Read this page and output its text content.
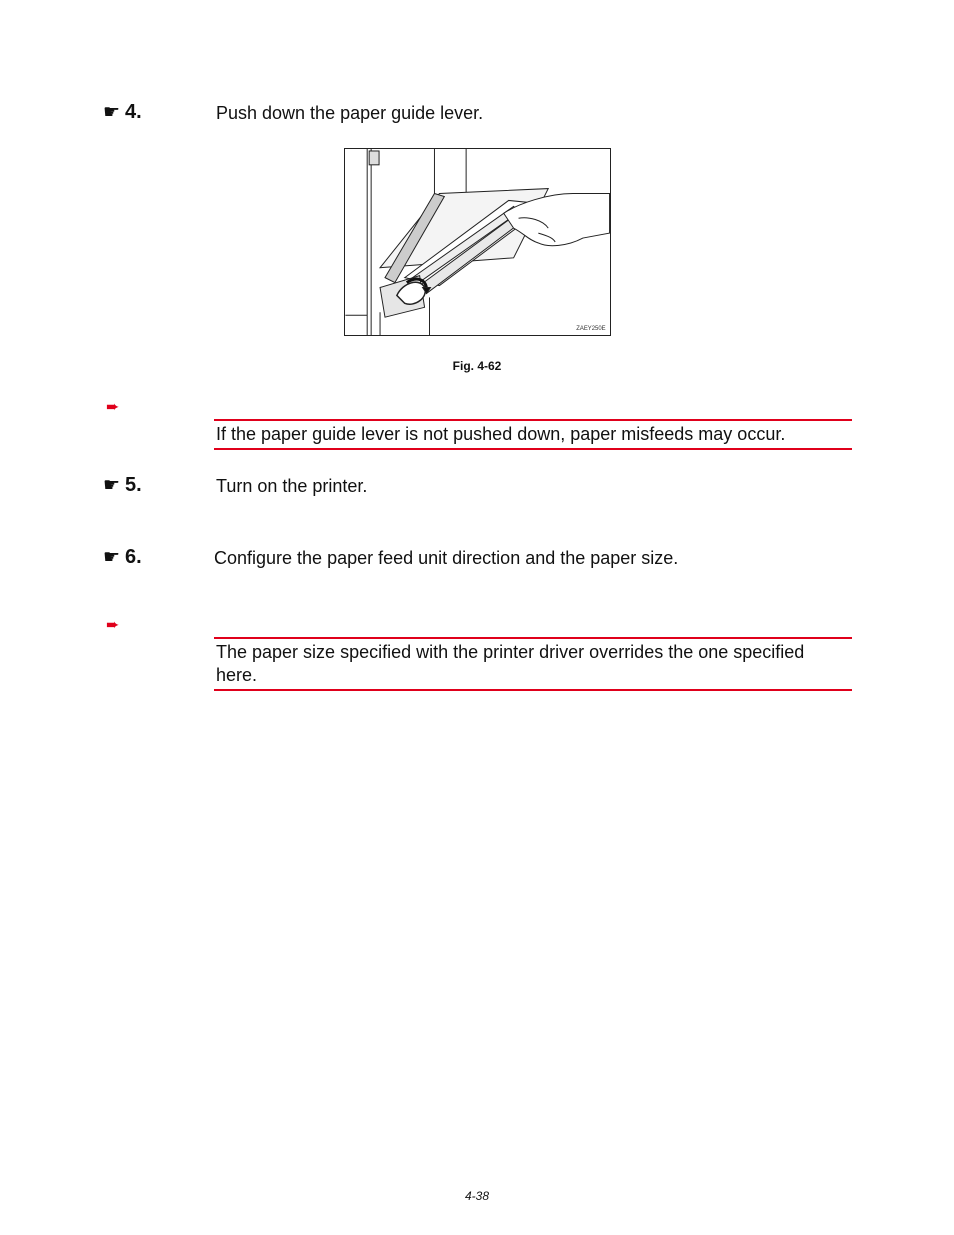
☛ 4.	Push down the paper guide lever.
ZAEY250E
Fig. 4-62
➨
If the paper guide lever is not pushed down, paper misfeeds may occur.
☛ 5.	Turn on the printer.
☛ 6.	Configure the paper feed unit direction and the paper size.
➨
The paper size specified with the printer driver overrides the one specified here.
4-38
